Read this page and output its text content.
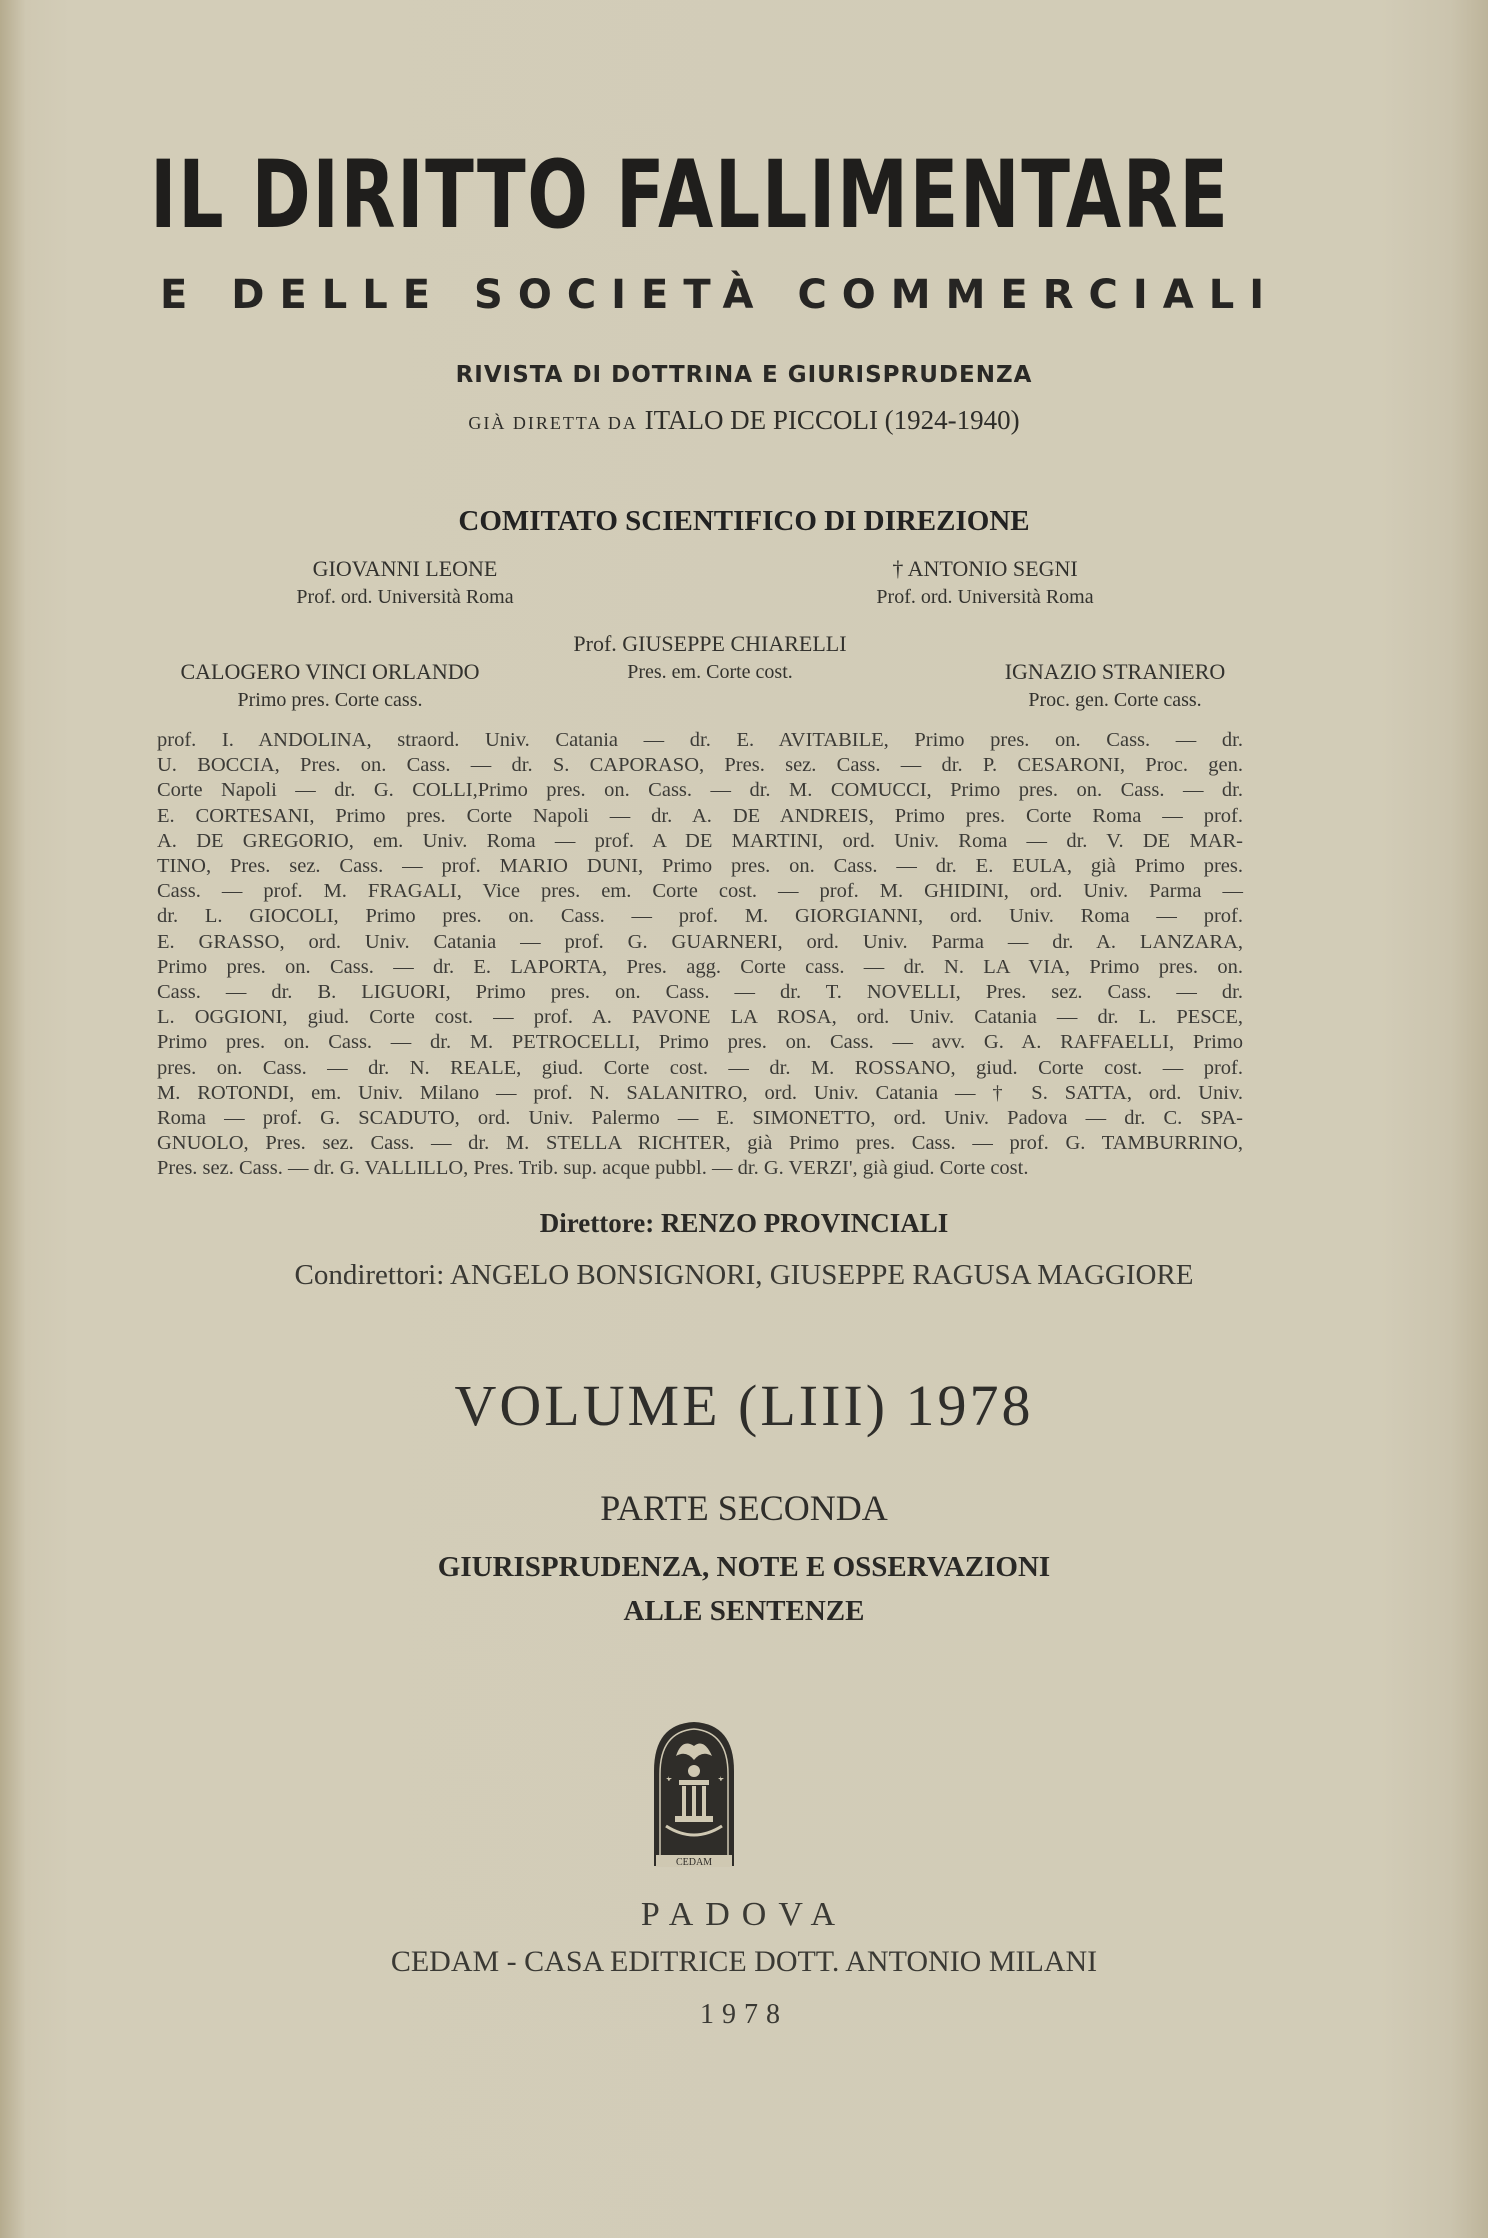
IL DIRITTO FALLIMENTARE
E DELLE SOCIETÀ COMMERCIALI
RIVISTA DI DOTTRINA E GIURISPRUDENZA
GIÀ DIRETTA DA ITALO DE PICCOLI (1924-1940)
COMITATO SCIENTIFICO DI DIREZIONE
GIOVANNI LEONE
Prof. ord. Università Roma
† ANTONIO SEGNI
Prof. ord. Università Roma
Prof. GIUSEPPE CHIARELLI
Pres. em. Corte cost.
CALOGERO VINCI ORLANDO
Primo pres. Corte cass.
IGNAZIO STRANIERO
Proc. gen. Corte cass.
prof. I. ANDOLINA, straord. Univ. Catania — dr. E. AVITABILE, Primo pres. on. Cass. — dr.
U. BOCCIA, Pres. on. Cass. — dr. S. CAPORASO, Pres. sez. Cass. — dr. P. CESARONI, Proc. gen.
Corte Napoli — dr. G. COLLI,Primo pres. on. Cass. — dr. M. COMUCCI, Primo pres. on. Cass. — dr.
E. CORTESANI, Primo pres. Corte Napoli — dr. A. DE ANDREIS, Primo pres. Corte Roma — prof.
A. DE GREGORIO, em. Univ. Roma — prof. A DE MARTINI, ord. Univ. Roma — dr. V. DE MAR-
TINO, Pres. sez. Cass. — prof. MARIO DUNI, Primo pres. on. Cass. — dr. E. EULA, già Primo pres.
Cass. — prof. M. FRAGALI, Vice pres. em. Corte cost. — prof. M. GHIDINI, ord. Univ. Parma —
dr. L. GIOCOLI, Primo pres. on. Cass. — prof. M. GIORGIANNI, ord. Univ. Roma — prof.
E. GRASSO, ord. Univ. Catania — prof. G. GUARNERI, ord. Univ. Parma — dr. A. LANZARA,
Primo pres. on. Cass. — dr. E. LAPORTA, Pres. agg. Corte cass. — dr. N. LA VIA, Primo pres. on.
Cass. — dr. B. LIGUORI, Primo pres. on. Cass. — dr. T. NOVELLI, Pres. sez. Cass. — dr.
L. OGGIONI, giud. Corte cost. — prof. A. PAVONE LA ROSA, ord. Univ. Catania — dr. L. PESCE,
Primo pres. on. Cass. — dr. M. PETROCELLI, Primo pres. on. Cass. — avv. G. A. RAFFAELLI, Primo
pres. on. Cass. — dr. N. REALE, giud. Corte cost. — dr. M. ROSSANO, giud. Corte cost. — prof.
M. ROTONDI, em. Univ. Milano — prof. N. SALANITRO, ord. Univ. Catania — † S. SATTA, ord. Univ.
Roma — prof. G. SCADUTO, ord. Univ. Palermo — E. SIMONETTO, ord. Univ. Padova — dr. C. SPA-
GNUOLO, Pres. sez. Cass. — dr. M. STELLA RICHTER, già Primo pres. Cass. — prof. G. TAMBURRINO,
Pres. sez. Cass. — dr. G. VALLILLO, Pres. Trib. sup. acque pubbl. — dr. G. VERZI', già giud. Corte cost.
Direttore: RENZO PROVINCIALI
Condirettori: ANGELO BONSIGNORI, GIUSEPPE RAGUSA MAGGIORE
VOLUME (LIII) 1978
PARTE SECONDA
GIURISPRUDENZA, NOTE E OSSERVAZIONI
ALLE SENTENZE
CEDAM
PADOVA
CEDAM - CASA EDITRICE DOTT. ANTONIO MILANI
1978
